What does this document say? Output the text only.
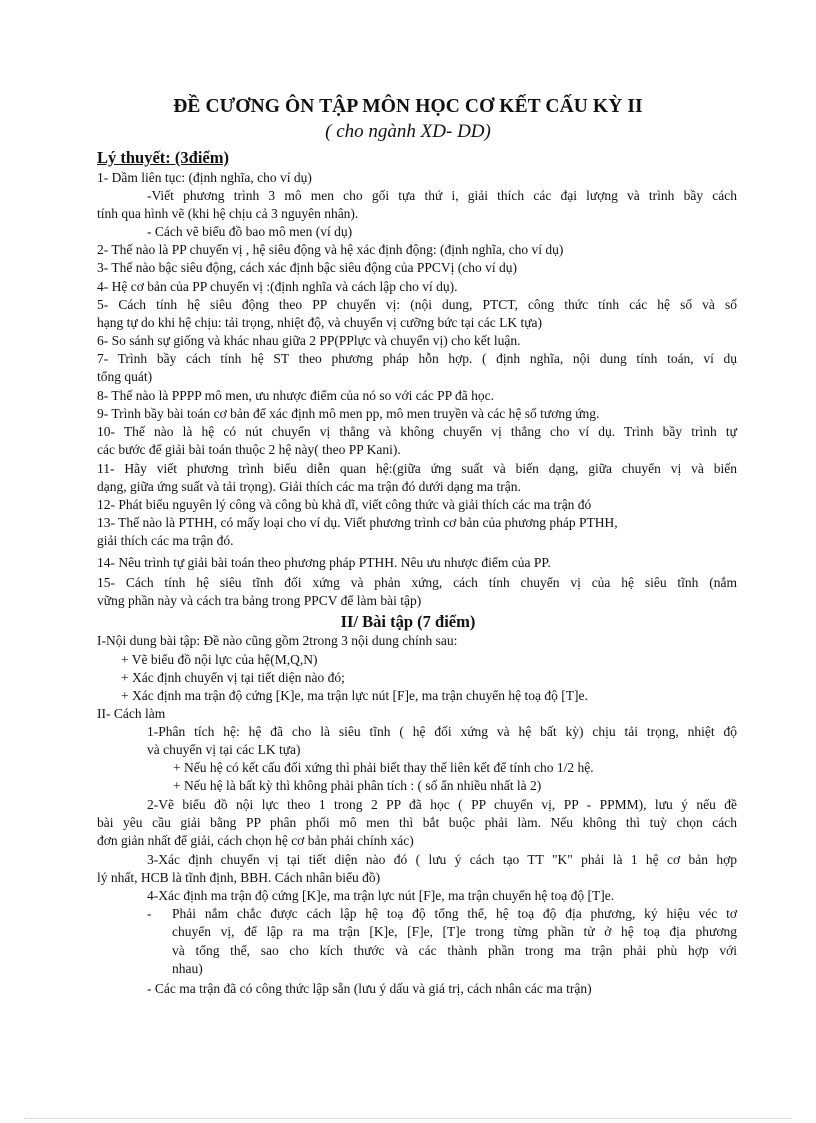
ĐỀ CƯƠNG ÔN TẬP MÔN HỌC CƠ KẾT CẤU KỲ II
( cho ngành XD- DD)
Lý thuyết: (3điểm)
1- Dầm liên tục: (định nghĩa, cho ví dụ)
-Viết phương trình 3 mô men cho gối tựa thứ i, giải thích các đại lượng và trình bầy cách
tính qua hình vẽ (khi hệ chịu cả 3 nguyên nhân).
- Cách vẽ biểu đồ bao mô men (ví dụ)
2- Thế nào là PP chuyển vị , hệ siêu động và hệ xác định động: (định nghĩa, cho ví dụ)
3- Thế nào bậc siêu động, cách xác định bậc siêu động của PPCVị (cho ví dụ)
4- Hệ cơ bản của PP chuyển vị :(định nghĩa và cách lập cho ví dụ).
5- Cách tính hệ siêu động theo PP chuyển vị: (nội dung, PTCT, công thức tính các hệ số và số
hạng tự do khi hệ chịu: tải trọng, nhiệt độ, và chuyển vị cưỡng bức tại các LK tựa)
6- So sánh sự giống và khác nhau giữa 2 PP(PPlực và chuyển vị) cho kết luận.
7- Trình bầy cách tính hệ ST theo phương pháp hỗn hợp. ( định nghĩa, nội dung tính toán, ví dụ
tổng quát)
8- Thế nào là PPPP mô men, ưu nhược điểm của nó so với các PP đã học.
9- Trình bầy bài toán cơ bản để xác định mô men pp, mô men truyền và các hệ số tương ứng.
10- Thế nào là hệ có nút chuyển vị thẳng và không chuyển vị thẳng cho ví dụ. Trình bầy trình tự
các bước để giải bài toán thuộc 2 hệ này( theo PP Kani).
11- Hãy viết phương trình biểu diễn quan hệ:(giữa ứng suất và biến dạng, giữa chuyển vị và biến
dạng, giữa ứng suất và tải trọng). Giải thích các ma trận đó dưới dạng ma trận.
12- Phát biểu nguyên lý công và công bù khả dĩ, viết công thức và giải thích các ma trận đó
13- Thế nào là PTHH, có mấy loại cho ví dụ. Viết phương trình cơ bản của phương pháp PTHH,
giải thích các ma trận đó.
14- Nêu trình tự giải bài toán theo phương pháp PTHH. Nêu ưu nhược điểm của PP.
15- Cách tính hệ siêu tĩnh đối xứng và phản xứng, cách tính chuyển vị của hệ siêu tĩnh (nắm
vững phần này và cách tra bảng trong PPCV để làm bài tập)
II/ Bài tập (7 điểm)
I-Nội dung bài tập: Đề nào cũng gồm 2trong 3 nội dung chính sau:
+ Vẽ biểu đồ nội lực của hệ(M,Q,N)
+ Xác định chuyển vị tại tiết diện nào đó;
+ Xác định ma trận độ cứng [K]e, ma trận lực nút [F]e, ma trận chuyển hệ toạ độ [T]e.
II- Cách làm
1-Phân tích hệ: hệ đã cho là siêu tĩnh ( hệ đối xứng và hệ bất kỳ) chịu tải trọng, nhiệt độ
và chuyển vị tại các LK tựa)
+ Nếu hệ có kết cấu đối xứng thì phải biết thay thế liên kết để tính cho 1/2 hệ.
+ Nếu hệ là bất kỳ thì không phải phân tích : ( số ẩn nhiều nhất là 2)
2-Vẽ biểu đồ nội lực theo 1 trong 2 PP đã học ( PP chuyển vị, PP - PPMM), lưu ý nếu đề
bài yêu cầu giải bằng PP phân phối mô men thì bắt buộc phải làm. Nếu không thì tuỳ chọn cách
đơn giản nhất để giải, cách chọn hệ cơ bản phải chính xác)
3-Xác định chuyển vị tại tiết diện nào đó ( lưu ý cách tạo TT "K" phải là 1 hệ cơ bản hợp
lý nhất, HCB là tĩnh định, BBH. Cách nhân biểu đồ)
4-Xác định ma trận độ cứng [K]e, ma trận lực nút [F]e, ma trận chuyển hệ toạ độ [T]e.
- Phải nắm chắc được cách lập hệ toạ độ tổng thể, hệ toạ độ địa phương, ký hiệu véc tơ
chuyển vị, để lập ra ma trận [K]e, [F]e, [T]e trong từng phần tử ở hệ toạ địa phương
và tổng thể, sao cho kích thước và các thành phần trong ma trận phải phù hợp với
nhau)
- Các ma trận đã có công thức lập sẵn (lưu ý dấu và giá trị, cách nhân các ma trận)
